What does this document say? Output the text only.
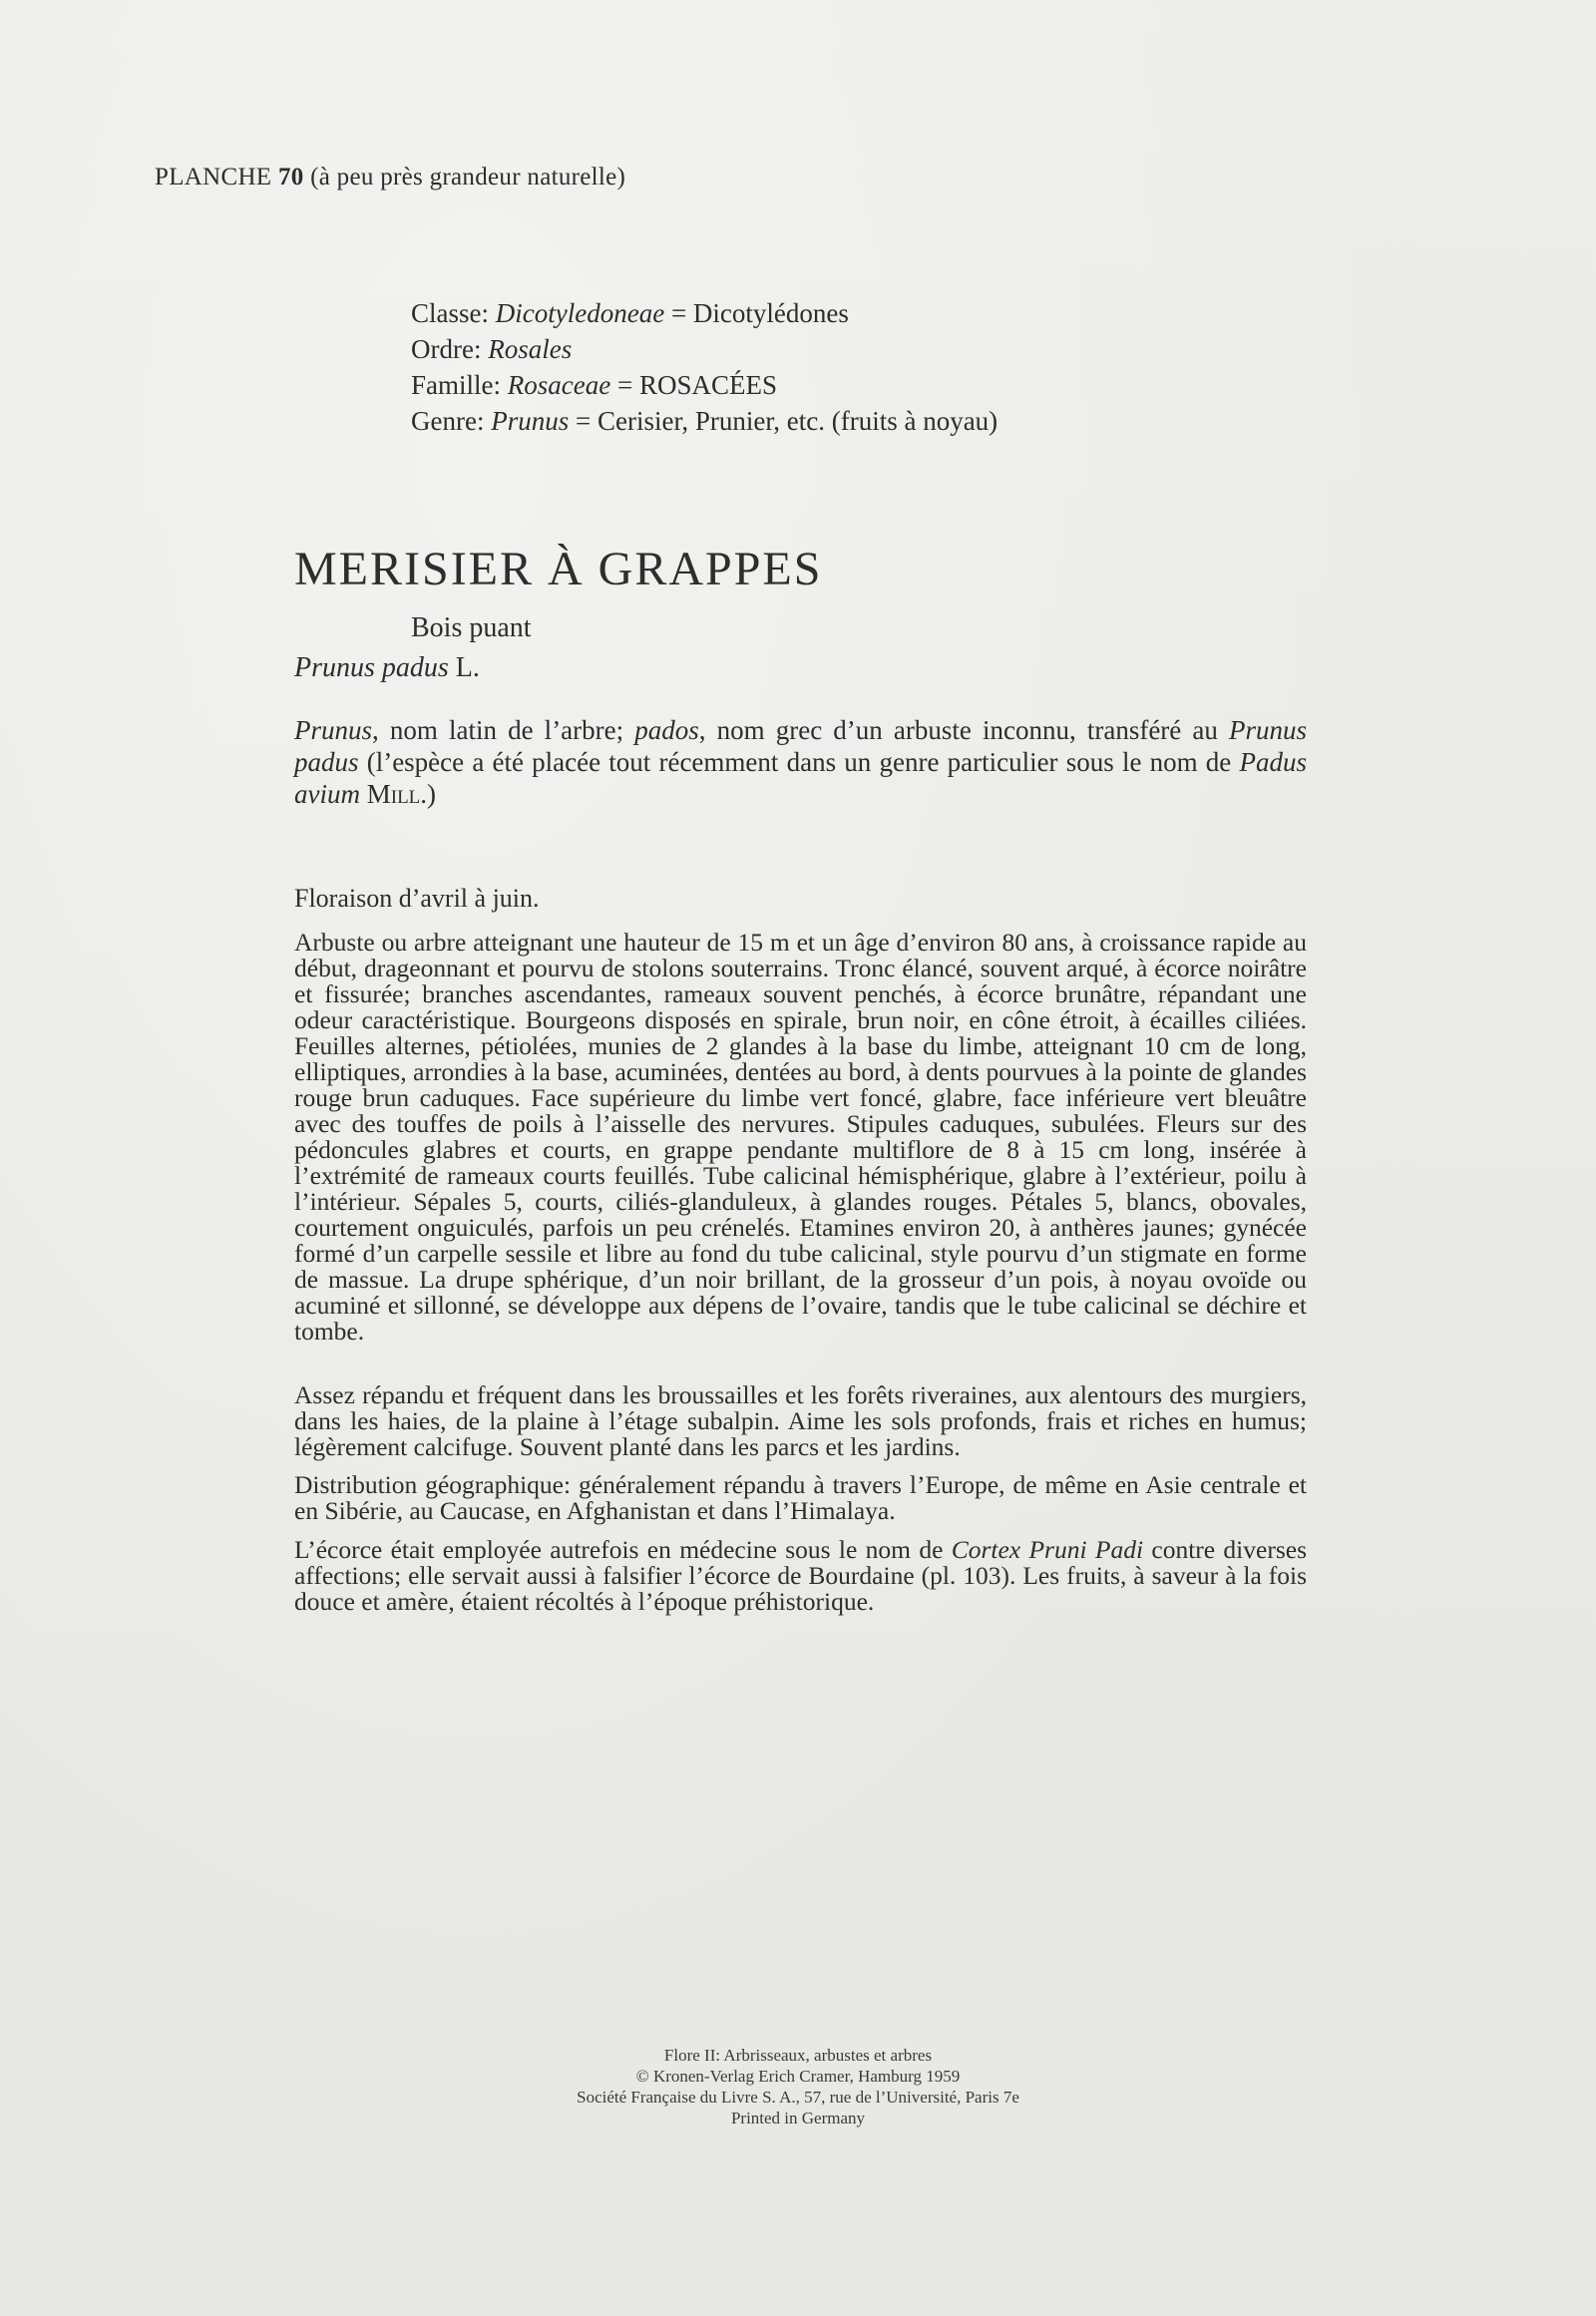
PLANCHE 70 (à peu près grandeur naturelle)
Classe: Dicotyledoneae = Dicotylédones
Ordre: Rosales
Famille: Rosaceae = ROSACÉES
Genre: Prunus = Cerisier, Prunier, etc. (fruits à noyau)
MERISIER À GRAPPES
Bois puant
Prunus padus L.

Prunus, nom latin de l’arbre; pados, nom grec d’un arbuste inconnu, transféré au Prunus padus (l’espèce a été placée tout récemment dans un genre particulier sous le nom de Padus avium Mill.)

Floraison d’avril à juin.

Arbuste ou arbre atteignant une hauteur de 15 m et un âge d’environ 80 ans, à croissance rapide au début, drageonnant et pourvu de stolons souterrains. Tronc élancé, souvent arqué, à écorce noirâtre et fissurée; branches ascendantes, rameaux souvent penchés, à écorce brunâtre, répandant une odeur caractéristique. Bourgeons disposés en spirale, brun noir, en cône étroit, à écailles ciliées. Feuilles alternes, pétiolées, munies de 2 glandes à la base du limbe, atteignant 10 cm de long, elliptiques, arrondies à la base, acuminées, dentées au bord, à dents pourvues à la pointe de glandes rouge brun caduques. Face supérieure du limbe vert foncé, glabre, face inférieure vert bleuâtre avec des touffes de poils à l’aisselle des nervures. Stipules caduques, subulées. Fleurs sur des pédoncules glabres et courts, en grappe pendante multiflore de 8 à 15 cm long, insérée à l’extrémité de rameaux courts feuillés. Tube calicinal hémisphérique, glabre à l’extérieur, poilu à l’intérieur. Sépales 5, courts, ciliés-glanduleux, à glandes rouges. Pétales 5, blancs, obovales, courtement onguiculés, parfois un peu crénelés. Etamines environ 20, à anthères jaunes; gynécée formé d’un carpelle sessile et libre au fond du tube calicinal, style pourvu d’un stigmate en forme de massue. La drupe sphérique, d’un noir brillant, de la grosseur d’un pois, à noyau ovoïde ou acuminé et sillonné, se développe aux dépens de l’ovaire, tandis que le tube calicinal se déchire et tombe.

Assez répandu et fréquent dans les broussailles et les forêts riveraines, aux alentours des murgiers, dans les haies, de la plaine à l’étage subalpin. Aime les sols profonds, frais et riches en humus; légèrement calcifuge. Souvent planté dans les parcs et les jardins.

Distribution géographique: généralement répandu à travers l’Europe, de même en Asie centrale et en Sibérie, au Caucase, en Afghanistan et dans l’Himalaya.

L’écorce était employée autrefois en médecine sous le nom de Cortex Pruni Padi contre diverses affections; elle servait aussi à falsifier l’écorce de Bourdaine (pl. 103). Les fruits, à saveur à la fois douce et amère, étaient récoltés à l’époque préhistorique.

Flore II: Arbrisseaux, arbustes et arbres
© Kronen-Verlag Erich Cramer, Hamburg 1959
Société Française du Livre S. A., 57, rue de l’Université, Paris 7e
Printed in Germany
